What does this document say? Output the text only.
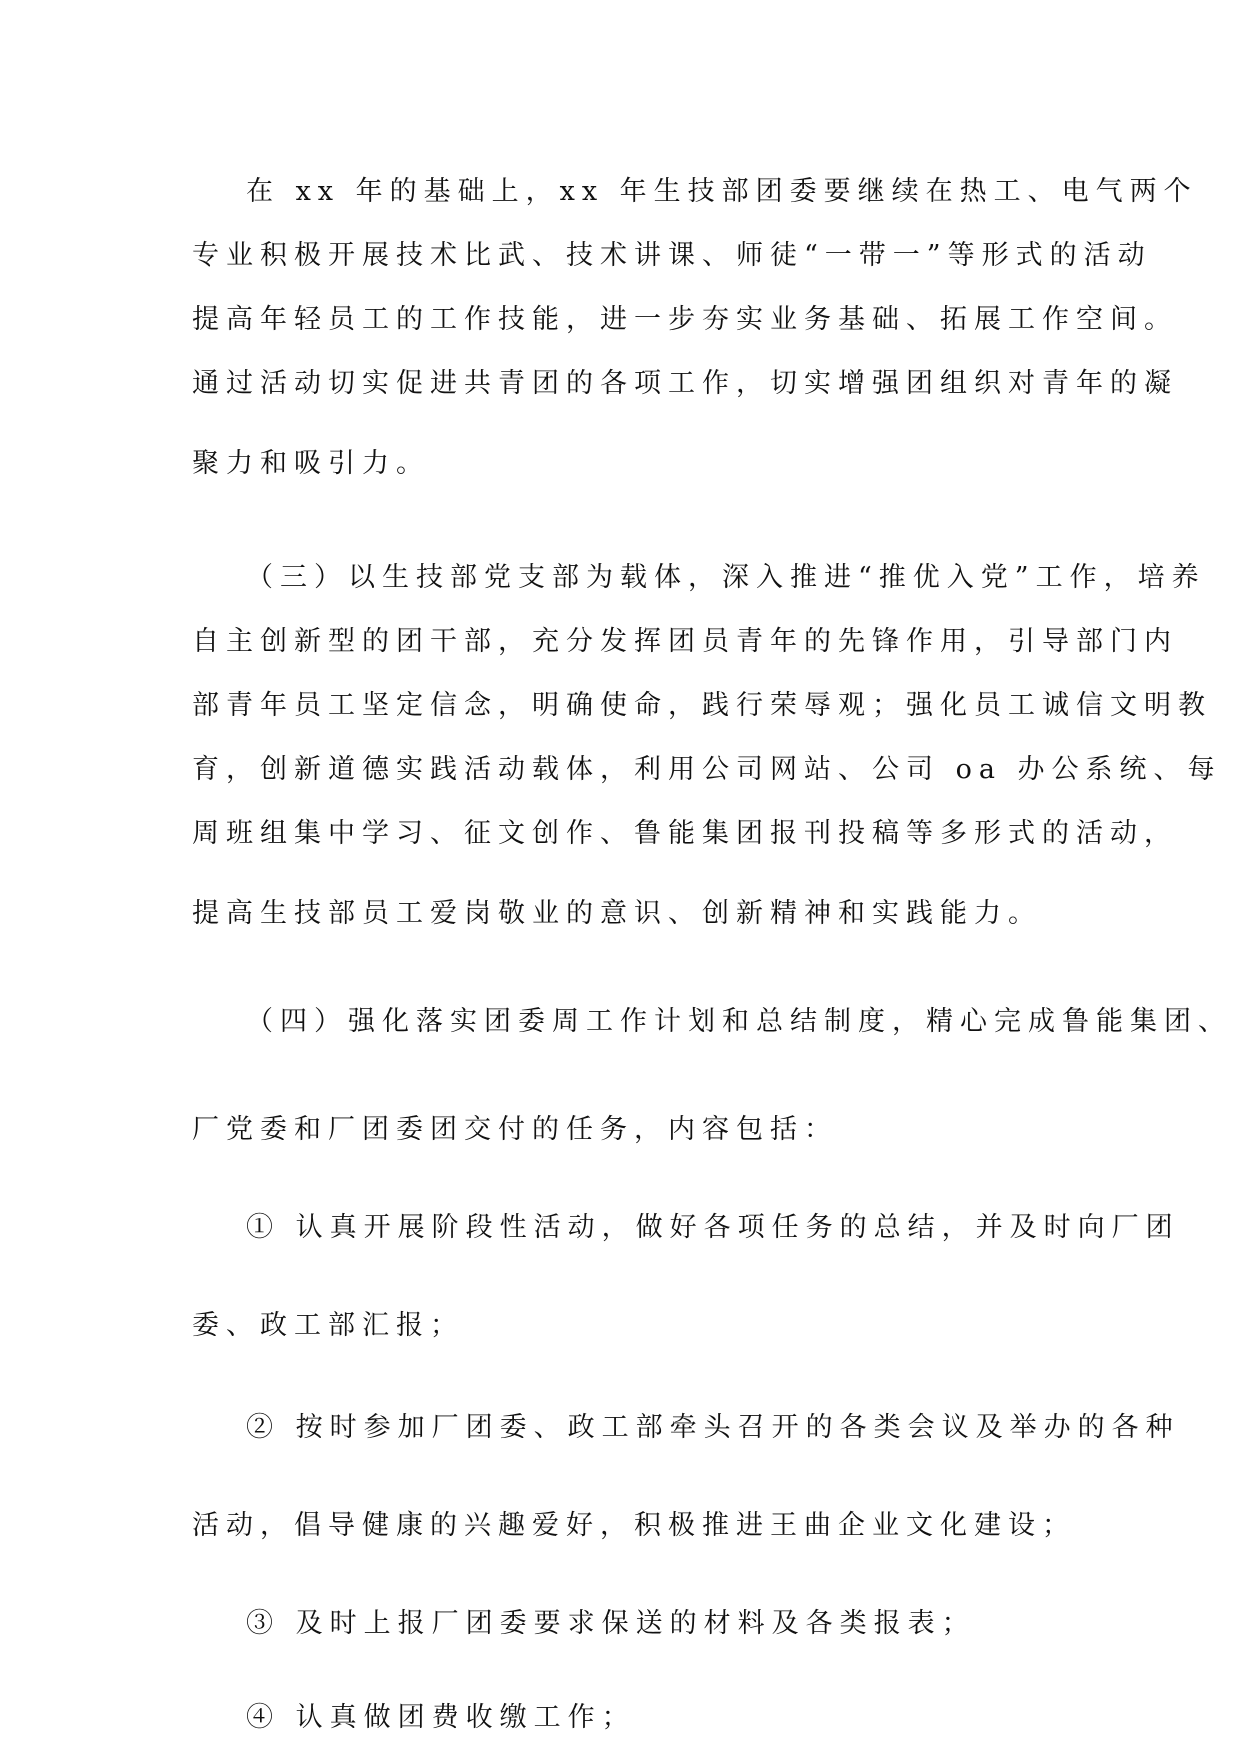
在 xx 年的基础上，xx 年生技部团委要继续在热工、电气两个
专业积极开展技术比武、技术讲课、师徒“一带一”等形式的活动
提高年轻员工的工作技能，进一步夯实业务基础、拓展工作空间。
通过活动切实促进共青团的各项工作，切实增强团组织对青年的凝
聚力和吸引力。
（三）以生技部党支部为载体，深入推进“推优入党”工作，培养
自主创新型的团干部，充分发挥团员青年的先锋作用，引导部门内
部青年员工坚定信念，明确使命，践行荣辱观；强化员工诚信文明教
育，创新道德实践活动载体，利用公司网站、公司 oa 办公系统、每
周班组集中学习、征文创作、鲁能集团报刊投稿等多形式的活动，
提高生技部员工爱岗敬业的意识、创新精神和实践能力。
（四）强化落实团委周工作计划和总结制度，精心完成鲁能集团、
厂党委和厂团委团交付的任务，内容包括：
① 认真开展阶段性活动，做好各项任务的总结，并及时向厂团
委、政工部汇报；
② 按时参加厂团委、政工部牵头召开的各类会议及举办的各种
活动，倡导健康的兴趣爱好，积极推进王曲企业文化建设；
③ 及时上报厂团委要求保送的材料及各类报表；
④ 认真做团费收缴工作；
